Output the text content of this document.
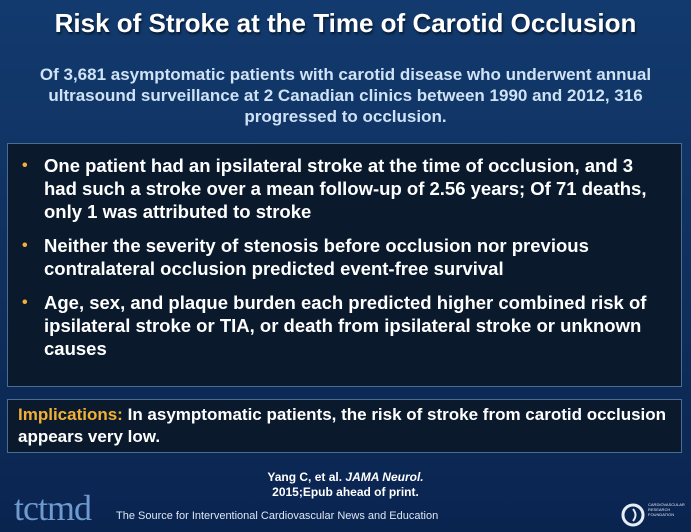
Risk of Stroke at the Time of Carotid Occlusion
Of 3,681 asymptomatic patients with carotid disease who underwent annual ultrasound surveillance at 2 Canadian clinics between 1990 and 2012, 316 progressed to occlusion.
• One patient had an ipsilateral stroke at the time of occlusion, and 3 had such a stroke over a mean follow-up of 2.56 years; Of 71 deaths, only 1 was attributed to stroke
• Neither the severity of stenosis before occlusion nor previous contralateral occlusion predicted event-free survival
• Age, sex, and plaque burden each predicted higher combined risk of ipsilateral stroke or TIA, or death from ipsilateral stroke or unknown causes
Implications: In asymptomatic patients, the risk of stroke from carotid occlusion appears very low.
Yang C, et al. JAMA Neurol.
2015;Epub ahead of print.
tctmd The Source for Interventional Cardiovascular News and Education
CARDIOVASCULAR RESEARCH FOUNDATION
